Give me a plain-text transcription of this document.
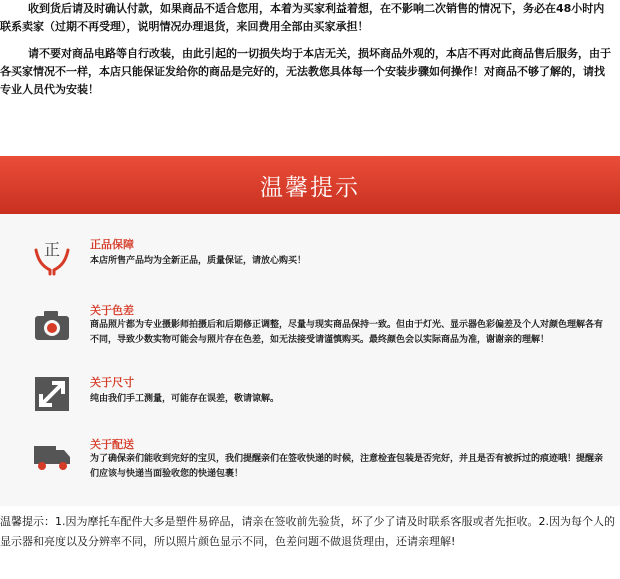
收到货后请及时确认付款，如果商品不适合您用，本着为买家利益着想，在不影响二次销售的情况下，务必在48小时内联系卖家（过期不再受理），说明情况办理退货，来回费用全部由买家承担！

请不要对商品电路等自行改装，由此引起的一切损失均于本店无关，损坏商品外观的，本店不再对此商品售后服务，由于各买家情况不一样，本店只能保证发给你的商品是完好的，无法教您具体每一个安装步骤如何操作！对商品不够了解的，请找专业人员代为安装！

温馨提示
正	正品保障
本店所售产品均为全新正品，质量保证，请放心购买！
关于色差
商品照片都为专业摄影师拍摄后和后期修正调整，尽量与现实商品保持一致。但由于灯光、显示器色彩偏差及个人对颜色理解各有不同，导致少数实物可能会与照片存在色差，如无法接受请谨慎购买。最终颜色会以实际商品为准，谢谢亲的理解！
关于尺寸
纯由我们手工测量，可能存在误差，敬请谅解。
关于配送
为了确保亲们能收到完好的宝贝，我们提醒亲们在签收快递的时候，注意检查包装是否完好，并且是否有被拆过的痕迹哦！提醒亲们应该与快递当面验收您的快递包裹！
温馨提示：1.因为摩托车配件大多是塑件易碎品，请亲在签收前先验货，坏了少了请及时联系客服或者先拒收。2.因为每个人的显示器和亮度以及分辨率不同，所以照片颜色显示不同，色差问题不做退货理由，还请亲理解!
